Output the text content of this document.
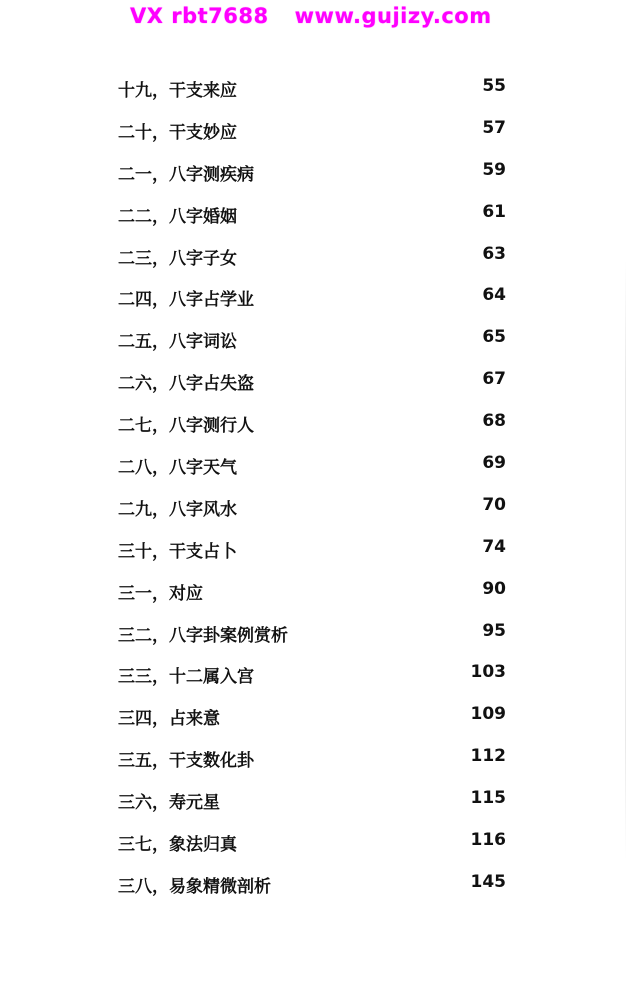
VX rbt7688 www.gujizy.com
十九，干支来应	55
二十，干支妙应	57
二一，八字测疾病	59
二二，八字婚姻	61
二三，八字子女	63
二四，八字占学业	64
二五，八字词讼	65
二六，八字占失盗	67
二七，八字测行人	68
二八，八字天气	69
二九，八字风水	70
三十，干支占卜	74
三一，对应	90
三二，八字卦案例赏析	95
三三，十二属入宫	103
三四，占来意	109
三五，干支数化卦	112
三六，寿元星	115
三七，象法归真	116
三八，易象精微剖析	145
